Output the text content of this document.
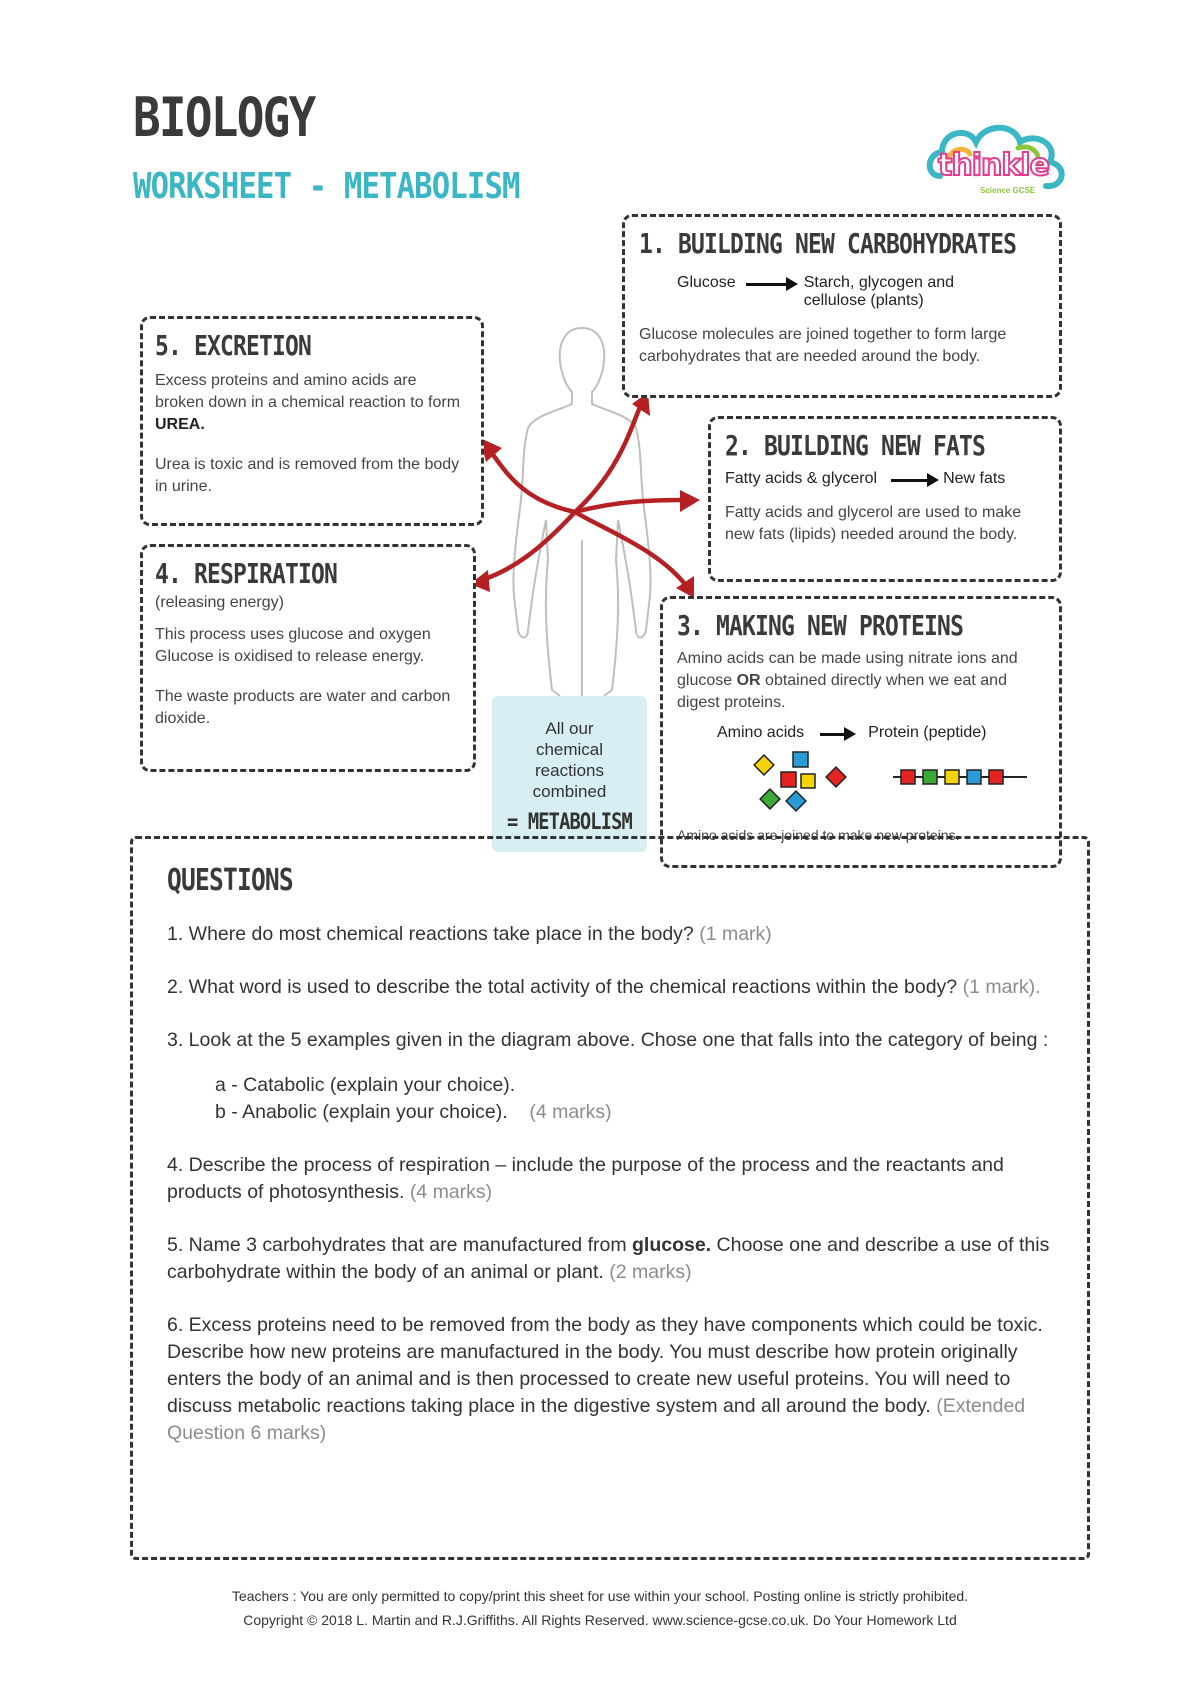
BIOLOGY
WORKSHEET - METABOLISM
thinkle
Science GCSE
1. BUILDING NEW CARBOHYDRATES
Glucose	Starch, glycogen and cellulose (plants)
Glucose molecules are joined together to form large carbohydrates that are needed around the body.
2. BUILDING NEW FATS
Fatty acids & glycerol	New fats
Fatty acids and glycerol are used to make new fats (lipids) needed around the body.
3. MAKING NEW PROTEINS
Amino acids can be made using nitrate ions and glucose OR obtained directly when we eat and digest proteins.
Amino acids	Protein (peptide)
Amino acids are joined to make new proteins.
4. RESPIRATION
(releasing energy)
This process uses glucose and oxygen Glucose is oxidised to release energy.
The waste products are water and carbon dioxide.
5. EXCRETION
Excess proteins and amino acids are broken down in a chemical reaction to form UREA.
Urea is toxic and is removed from the body in urine.
All our chemical reactions combined
= METABOLISM
QUESTIONS

1. Where do most chemical reactions take place in the body? (1 mark)

2. What word is used to describe the total activity of the chemical reactions within the body? (1 mark).

3. Look at the 5 examples given in the diagram above. Chose one that falls into the category of being :

a - Catabolic (explain your choice).
b - Anabolic (explain your choice). (4 marks)

4. Describe the process of respiration – include the purpose of the process and the reactants and products of photosynthesis. (4 marks)

5. Name 3 carbohydrates that are manufactured from glucose. Choose one and describe a use of this carbohydrate within the body of an animal or plant. (2 marks)

6. Excess proteins need to be removed from the body as they have components which could be toxic. Describe how new proteins are manufactured in the body. You must describe how protein originally enters the body of an animal and is then processed to create new useful proteins. You will need to discuss metabolic reactions taking place in the digestive system and all around the body. (Extended Question 6 marks)

Teachers : You are only permitted to copy/print this sheet for use within your school. Posting online is strictly prohibited.
Copyright © 2018 L. Martin and R.J.Griffiths. All Rights Reserved. www.science-gcse.co.uk. Do Your Homework Ltd
